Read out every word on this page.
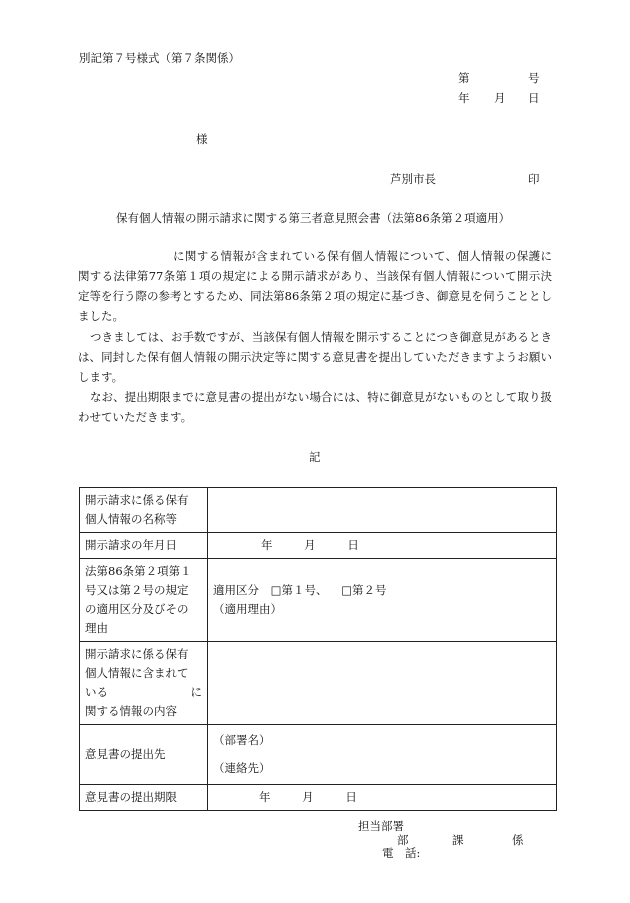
別記第７号様式（第７条関係）
第	号
年 月 日
様
芦別市長	印
保有個人情報の開示請求に関する第三者意見照会書（法第86条第２項適用）
に関する情報が含まれている保有個人情報について、個人情報の保護に関する法律第77条第１項の規定による開示請求があり、当該保有個人情報について開示決定等を行う際の参考とするため、同法第86条第２項の規定に基づき、御意見を伺うこととしました。
つきましては、お手数ですが、当該保有個人情報を開示することにつき御意見があるときは、同封した保有個人情報の開示決定等に関する意見書を提出していただきますようお願いします。
なお、提出期限までに意見書の提出がない場合には、特に御意見がないものとして取り扱わせていただきます。
記
開示請求に係る保有
個人情報の名称等	

開示請求の年月日	年 月 日

法第86条第２項第１
号又は第２号の規定
の適用区分及びその
理由	適用区分 □第１号、 □第２号
（適用理由）

開示請求に係る保有
個人情報に含まれて
いる に
関する情報の内容	

意見書の提出先	（部署名）
（連絡先）

意見書の提出期限	年 月 日
担当部署
部	課	係
電　話:
